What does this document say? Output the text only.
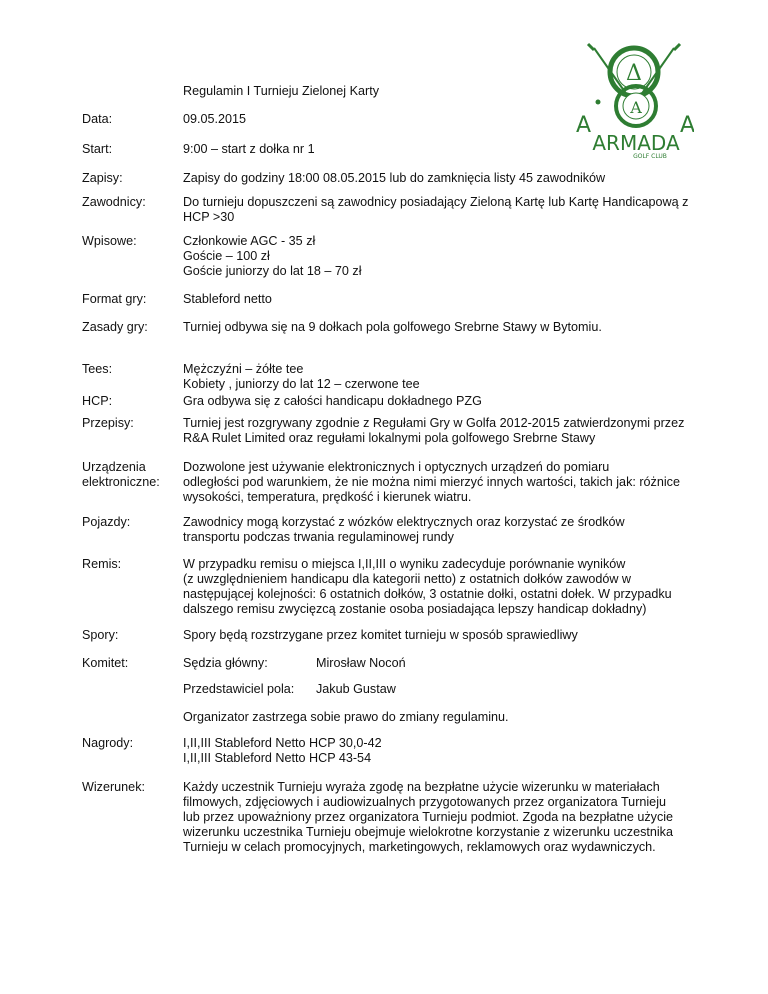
Δ
A
A
ARMADA
A
GOLF CLUB
Regulamin I Turnieju Zielonej Karty
Data:	09.05.2015
Start:	9:00 – start z dołka nr 1
Zapisy:	Zapisy do godziny 18:00 08.05.2015 lub do zamknięcia listy 45 zawodników
Zawodnicy:	Do turnieju dopuszczeni są zawodnicy posiadający Zieloną Kartę lub Kartę Handicapową z
HCP >30
Wpisowe:	Członkowie AGC - 35 zł
Goście – 100 zł
Goście juniorzy do lat 18 – 70 zł
Format gry:	Stableford netto
Zasady gry:	Turniej odbywa się na 9 dołkach pola golfowego Srebrne Stawy w Bytomiu.
Tees:	Mężczyźni – żółte tee
Kobiety , juniorzy do lat 12 – czerwone tee
HCP:	Gra odbywa się z całości handicapu dokładnego PZG
Przepisy:	Turniej jest rozgrywany zgodnie z Regułami Gry w Golfa 2012-2015 zatwierdzonymi przez
R&A Rulet Limited oraz regułami lokalnymi pola golfowego Srebrne Stawy
Urządzenia
elektroniczne:
Dozwolone jest używanie elektronicznych i optycznych urządzeń do pomiaru
odległości pod warunkiem, że nie można nimi mierzyć innych wartości, takich jak: różnice
wysokości, temperatura, prędkość i kierunek wiatru.
Pojazdy:	Zawodnicy mogą korzystać z wózków elektrycznych oraz korzystać ze środków
transportu podczas trwania regulaminowej rundy
Remis:	W przypadku remisu o miejsca I,II,III o wyniku zadecyduje porównanie wyników
(z uwzględnieniem handicapu dla kategorii netto) z ostatnich dołków zawodów w
następującej kolejności: 6 ostatnich dołków, 3 ostatnie dołki, ostatni dołek. W przypadku
dalszego remisu zwycięzcą zostanie osoba posiadająca lepszy handicap dokładny)
Spory:	Spory będą rozstrzygane przez komitet turnieju w sposób sprawiedliwy
Komitet:	Sędzia główny:	Mirosław Nocoń
Przedstawiciel pola: Jakub Gustaw
Organizator zastrzega sobie prawo do zmiany regulaminu.
Nagrody:	I,II,III Stableford Netto HCP 30,0-42
I,II,III Stableford Netto HCP 43-54
Wizerunek:	Każdy uczestnik Turnieju wyraża zgodę na bezpłatne użycie wizerunku w materiałach
filmowych, zdjęciowych i audiowizualnych przygotowanych przez organizatora Turnieju
lub przez upoważniony przez organizatora Turnieju podmiot. Zgoda na bezpłatne użycie
wizerunku uczestnika Turnieju obejmuje wielokrotne korzystanie z wizerunku uczestnika
Turnieju w celach promocyjnych, marketingowych, reklamowych oraz wydawniczych.
